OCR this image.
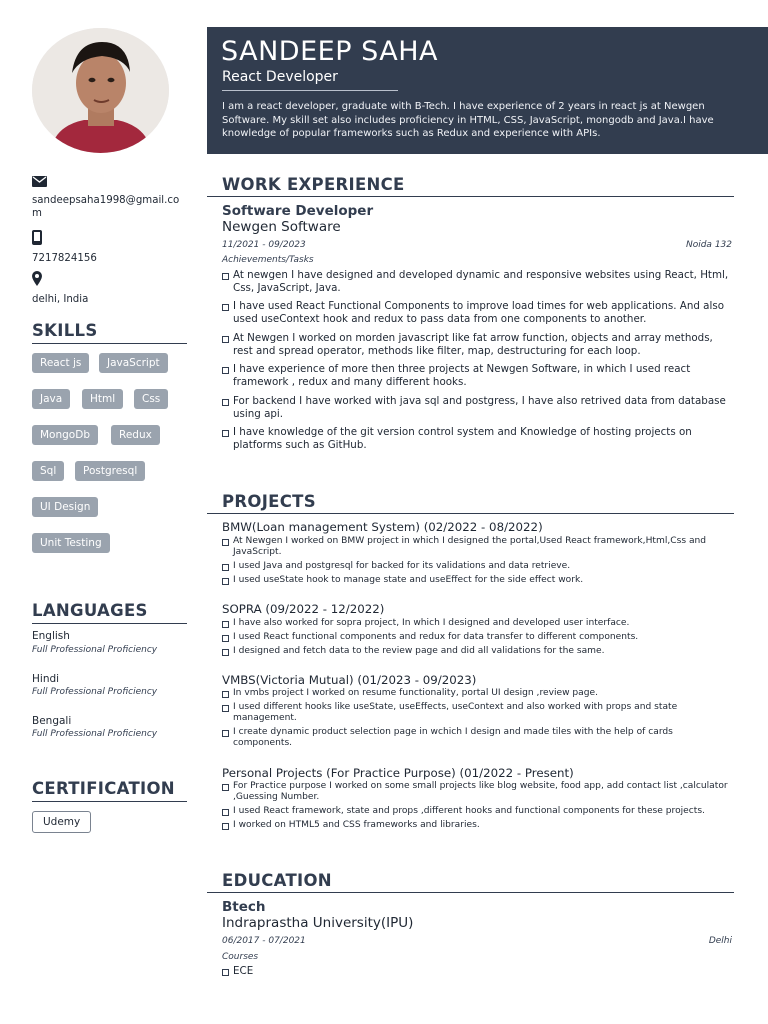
SANDEEP SAHA
React Developer
I am a react developer, graduate with B-Tech. I have experience of 2 years in react js at Newgen Software. My skill set also includes proficiency in HTML, CSS, JavaScript, mongodb and Java.I have knowledge of popular frameworks such as Redux and experience with APIs.
sandeepsaha1998@gmail.com
7217824156
delhi, India
SKILLS
React js	JavaScript
Java	Html	Css
MongoDb	Redux
Sql	Postgresql
UI Design
Unit Testing
LANGUAGES
English
Full Professional Proficiency
Hindi
Full Professional Proficiency
Bengali
Full Professional Proficiency
CERTIFICATION
Udemy
WORK EXPERIENCE
Software Developer
Newgen Software
11/2021 - 09/2023	Noida 132
Achievements/Tasks
At newgen I have designed and developed dynamic and responsive websites using React, Html, Css, JavaScript, Java.
I have used React Functional Components to improve load times for web applications. And also used useContext hook and redux to pass data from one components to another.
At Newgen I worked on morden javascript like fat arrow function, objects and array methods, rest and spread operator, methods like filter, map, destructuring for each loop.
I have experience of more then three projects at Newgen Software, in which I used react framework , redux and many different hooks.
For backend I have worked with java sql and postgress, I have also retrived data from database using api.
I have knowledge of the git version control system and Knowledge of hosting projects on platforms such as GitHub.
PROJECTS
BMW(Loan management System) (02/2022 - 08/2022)
At Newgen I worked on BMW project in which I designed the portal,Used React framework,Html,Css and JavaScript.
I used Java and postgresql for backed for its validations and data retrieve.
I used useState hook to manage state and useEffect for the side effect work.
SOPRA (09/2022 - 12/2022)
I have also worked for sopra project, In which I designed and developed user interface.
I used React functional components and redux for data transfer to different components.
I designed and fetch data to the review page and did all validations for the same.
VMBS(Victoria Mutual) (01/2023 - 09/2023)
In vmbs project I worked on resume functionality, portal UI design ,review page.
I used different hooks like useState, useEffects, useContext and also worked with props and state management.
I create dynamic product selection page in wchich I design and made tiles with the help of cards components.
Personal Projects (For Practice Purpose) (01/2022 - Present)
For Practice purpose I worked on some small projects like blog website, food app, add contact list ,calculator ,Guessing Number.
I used React framework, state and props ,different hooks and functional components for these projects.
I worked on HTML5 and CSS frameworks and libraries.
EDUCATION
Btech
Indraprastha University(IPU)
06/2017 - 07/2021	Delhi
Courses
ECE
